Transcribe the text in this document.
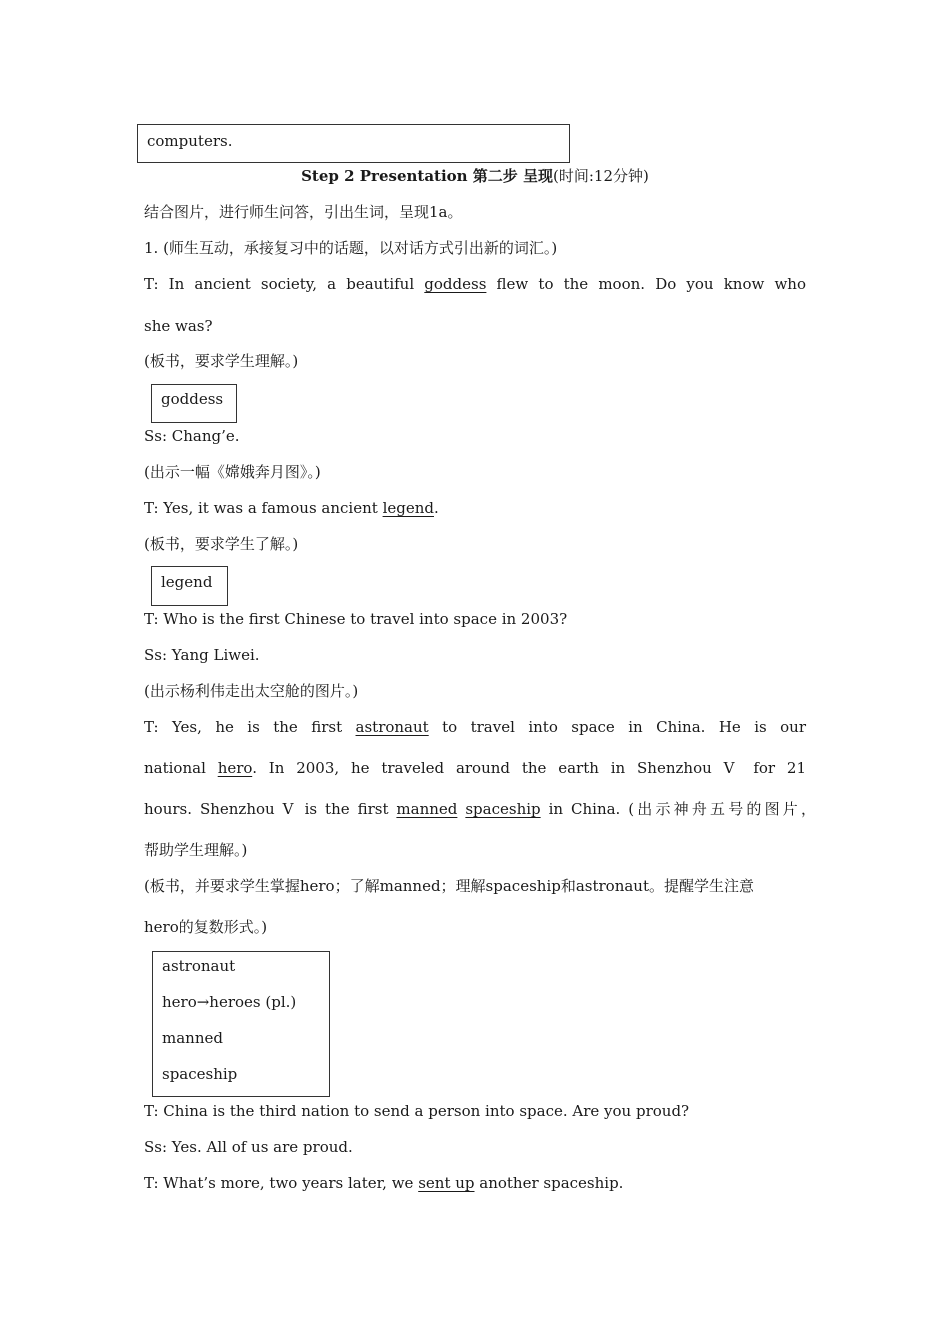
computers.
Step 2 Presentation 第二步 呈现(时间:12分钟)
结合图片，进行师生问答，引出生词，呈现1a。
1. (师生互动，承接复习中的话题，以对话方式引出新的词汇。)
T: In ancient society, a beautiful goddess flew to the moon. Do you know who
she was?
(板书，要求学生理解。)
goddess
Ss: Chang’e.
(出示一幅《嫦娥奔月图》。)
T: Yes, it was a famous ancient legend.
(板书，要求学生了解。)
legend
T: Who is the first Chinese to travel into space in 2003?
Ss: Yang Liwei.
(出示杨利伟走出太空舱的图片。)
T: Yes, he is the first astronaut to travel into space in China. He is our
national hero. In 2003, he traveled around the earth in Shenzhou Ⅴ for 21
hours. Shenzhou Ⅴ is the first manned spaceship in China. (出示神舟五号的图片，
帮助学生理解。)
(板书，并要求学生掌握hero；了解manned；理解spaceship和astronaut。提醒学生注意
hero的复数形式。)
astronaut
hero→heroes (pl.)
manned
spaceship
T: China is the third nation to send a person into space. Are you proud?
Ss: Yes. All of us are proud.
T: What’s more, two years later, we sent up another spaceship.
